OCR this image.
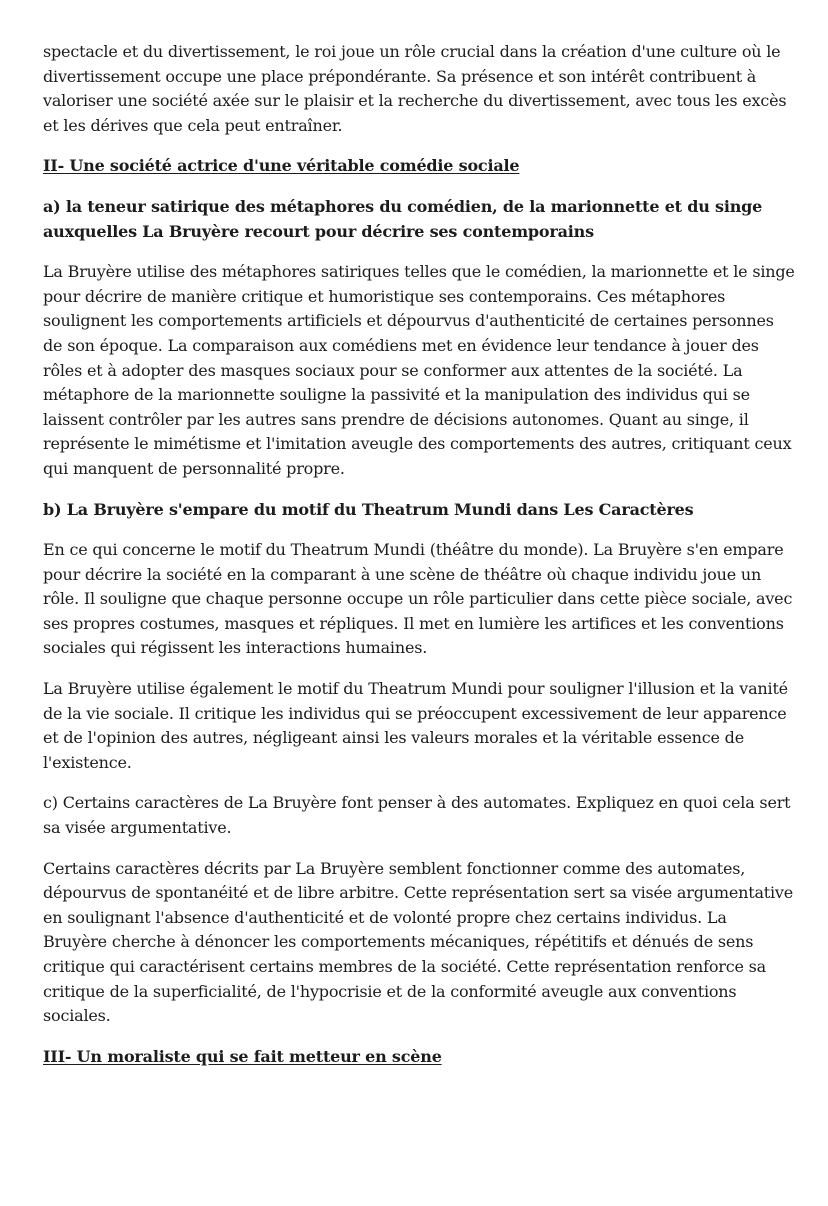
spectacle et du divertissement, le roi joue un rôle crucial dans la création d'une culture où le divertissement occupe une place prépondérante. Sa présence et son intérêt contribuent à valoriser une société axée sur le plaisir et la recherche du divertissement, avec tous les excès et les dérives que cela peut entraîner.

II- Une société actrice d'une véritable comédie sociale
a) la teneur satirique des métaphores du comédien, de la marionnette et du singe auxquelles La Bruyère recourt pour décrire ses contemporains

La Bruyère utilise des métaphores satiriques telles que le comédien, la marionnette et le singe pour décrire de manière critique et humoristique ses contemporains. Ces métaphores soulignent les comportements artificiels et dépourvus d'authenticité de certaines personnes de son époque. La comparaison aux comédiens met en évidence leur tendance à jouer des rôles et à adopter des masques sociaux pour se conformer aux attentes de la société. La métaphore de la marionnette souligne la passivité et la manipulation des individus qui se laissent contrôler par les autres sans prendre de décisions autonomes. Quant au singe, il représente le mimétisme et l'imitation aveugle des comportements des autres, critiquant ceux qui manquent de personnalité propre.

b) La Bruyère s'empare du motif du Theatrum Mundi dans Les Caractères

En ce qui concerne le motif du Theatrum Mundi (théâtre du monde). La Bruyère s'en empare pour décrire la société en la comparant à une scène de théâtre où chaque individu joue un rôle. Il souligne que chaque personne occupe un rôle particulier dans cette pièce sociale, avec ses propres costumes, masques et répliques. Il met en lumière les artifices et les conventions sociales qui régissent les interactions humaines.

La Bruyère utilise également le motif du Theatrum Mundi pour souligner l'illusion et la vanité de la vie sociale. Il critique les individus qui se préoccupent excessivement de leur apparence et de l'opinion des autres, négligeant ainsi les valeurs morales et la véritable essence de l'existence.

c) Certains caractères de La Bruyère font penser à des automates. Expliquez en quoi cela sert sa visée argumentative.

Certains caractères décrits par La Bruyère semblent fonctionner comme des automates, dépourvus de spontanéité et de libre arbitre. Cette représentation sert sa visée argumentative en soulignant l'absence d'authenticité et de volonté propre chez certains individus. La Bruyère cherche à dénoncer les comportements mécaniques, répétitifs et dénués de sens critique qui caractérisent certains membres de la société. Cette représentation renforce sa critique de la superficialité, de l'hypocrisie et de la conformité aveugle aux conventions sociales.

III- Un moraliste qui se fait metteur en scène
